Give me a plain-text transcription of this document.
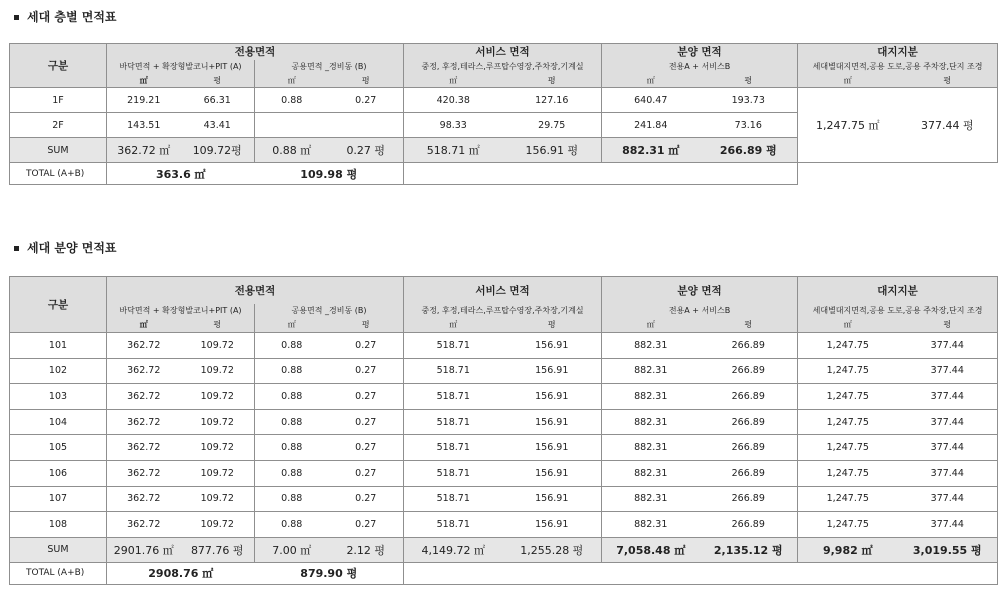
세대 층별 면적표
구분	전용면적				서비스 면적		분양 면적		대지지분	
	바닥면적 + 확장형발코니+PIT (A)		공용면적 _경비동 (B)		중정, 후정,테라스,루프탑수영장,주차장,기계실		전용A + 서비스B		세대별대지면적,공용 도로,공용 주차장,단지 조경	
	㎡	평	㎡	평	㎡	평	㎡	평	㎡	평
1F	219.21	66.31	0.88	0.27	420.38	127.16	640.47	193.73	1,247.75 ㎡	377.44 평
2F	143.51	43.41			98.33	29.75	241.84	73.16		
SUM	362.72 ㎡	109.72평	0.88 ㎡	0.27 평	518.71 ㎡	156.91 평	882.31 ㎡	266.89 평		
TOTAL (A+B)	363.6 ㎡		109.98 평							
세대 분양 면적표
구분	전용면적				서비스 면적		분양 면적		대지지분	
	바닥면적 + 확장형발코니+PIT (A)		공용면적 _경비동 (B)		중정, 후정,테라스,루프탑수영장,주차장,기계실		전용A + 서비스B		세대별대지면적,공용 도로,공용 주차장,단지 조경	
	㎡	평	㎡	평	㎡	평	㎡	평	㎡	평
101	362.72	109.72	0.88	0.27	518.71	156.91	882.31	266.89	1,247.75	377.44
102	362.72	109.72	0.88	0.27	518.71	156.91	882.31	266.89	1,247.75	377.44
103	362.72	109.72	0.88	0.27	518.71	156.91	882.31	266.89	1,247.75	377.44
104	362.72	109.72	0.88	0.27	518.71	156.91	882.31	266.89	1,247.75	377.44
105	362.72	109.72	0.88	0.27	518.71	156.91	882.31	266.89	1,247.75	377.44
106	362.72	109.72	0.88	0.27	518.71	156.91	882.31	266.89	1,247.75	377.44
107	362.72	109.72	0.88	0.27	518.71	156.91	882.31	266.89	1,247.75	377.44
108	362.72	109.72	0.88	0.27	518.71	156.91	882.31	266.89	1,247.75	377.44
SUM	2901.76 ㎡	877.76 평	7.00 ㎡	2.12 평	4,149.72 ㎡	1,255.28 평	7,058.48 ㎡	2,135.12 평	9,982 ㎡	3,019.55 평
TOTAL (A+B)	2908.76 ㎡		879.90 평							
